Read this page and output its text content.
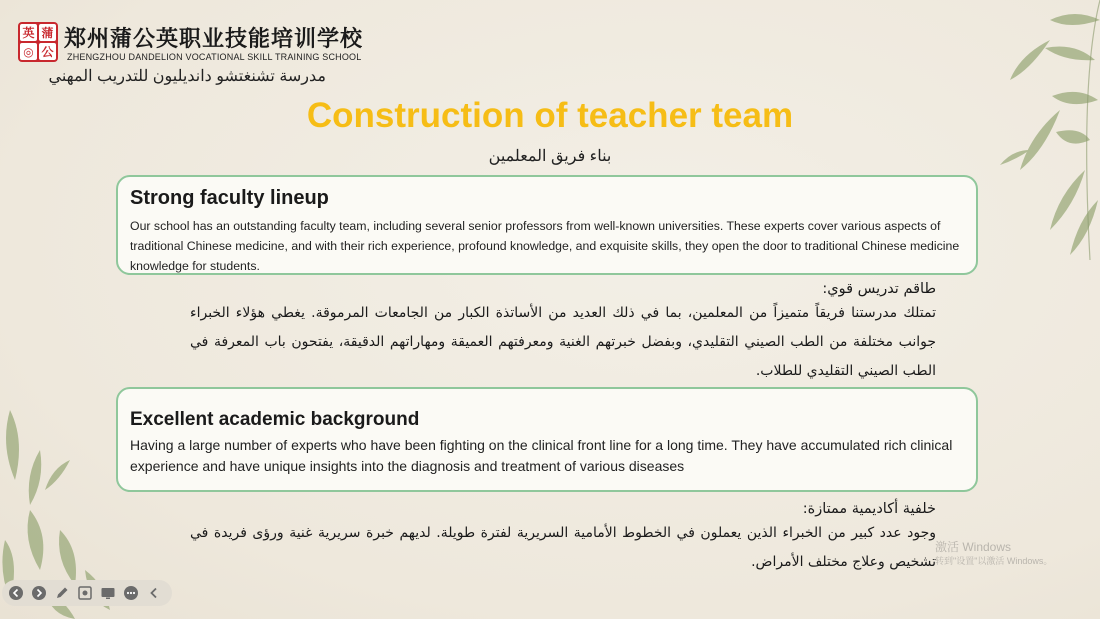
英 蒲
◎ 公 郑州蒲公英职业技能培训学校
ZHENGZHOU DANDELION VOCATIONAL SKILL TRAINING SCHOOL
مدرسة تشنغتشو دانديليون للتدريب المهني
Construction of teacher team
بناء فريق المعلمين
Strong faculty lineup

Our school has an outstanding faculty team, including several senior professors from well-known universities. These experts cover various aspects of traditional Chinese medicine, and with their rich experience, profound knowledge, and exquisite skills, they open the door to traditional Chinese medicine knowledge for students.

طاقم تدريس قوي:
تمتلك مدرستنا فريقاً متميزاً من المعلمين، بما في ذلك العديد من الأساتذة الكبار من الجامعات المرموقة. يغطي هؤلاء الخبراء جوانب مختلفة من الطب الصيني التقليدي، وبفضل خبرتهم الغنية ومعرفتهم العميقة ومهاراتهم الدقيقة، يفتحون باب المعرفة في الطب الصيني التقليدي للطلاب.
Excellent academic background

Having a large number of experts who have been fighting on the clinical front line for a long time. They have accumulated rich clinical experience and have unique insights into the diagnosis and treatment of various diseases

خلفية أكاديمية ممتازة:
وجود عدد كبير من الخبراء الذين يعملون في الخطوط الأمامية السريرية لفترة طويلة. لديهم خبرة سريرية غنية ورؤى فريدة في تشخيص وعلاج مختلف الأمراض.
激活 Windows
转到"设置"以激活 Windows。
